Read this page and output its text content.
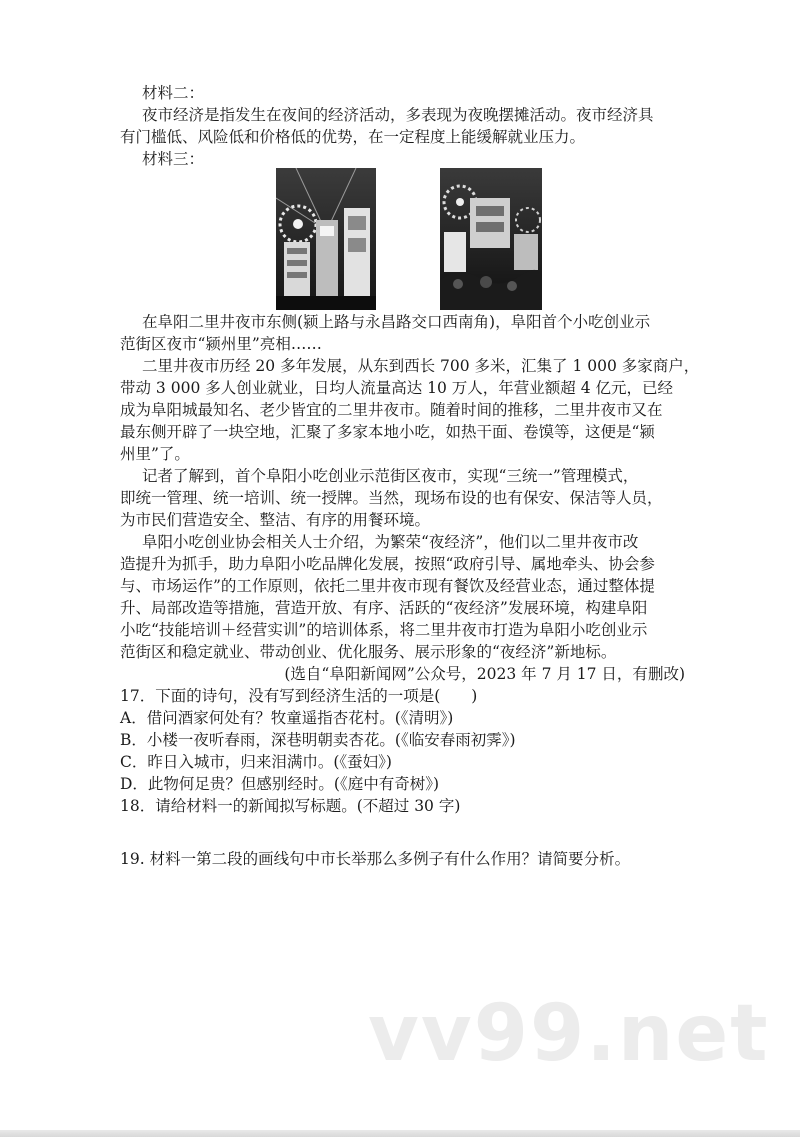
材料二：
夜市经济是指发生在夜间的经济活动，多表现为夜晚摆摊活动。夜市经济具
有门槛低、风险低和价格低的优势，在一定程度上能缓解就业压力。
材料三：
在阜阳二里井夜市东侧(颍上路与永昌路交口西南角)，阜阳首个小吃创业示
范街区夜市“颍州里”亮相……
二里井夜市历经 20 多年发展，从东到西长 700 多米，汇集了 1 000 多家商户，
带动 3 000 多人创业就业，日均人流量高达 10 万人，年营业额超 4 亿元，已经
成为阜阳城最知名、老少皆宜的二里井夜市。随着时间的推移，二里井夜市又在
最东侧开辟了一块空地，汇聚了多家本地小吃，如热干面、卷馍等，这便是“颍
州里”了。
记者了解到，首个阜阳小吃创业示范街区夜市，实现“三统一”管理模式，
即统一管理、统一培训、统一授牌。当然，现场布设的也有保安、保洁等人员，
为市民们营造安全、整洁、有序的用餐环境。
阜阳小吃创业协会相关人士介绍，为繁荣“夜经济”，他们以二里井夜市改
造提升为抓手，助力阜阳小吃品牌化发展，按照“政府引导、属地牵头、协会参
与、市场运作”的工作原则，依托二里井夜市现有餐饮及经营业态，通过整体提
升、局部改造等措施，营造开放、有序、活跃的“夜经济”发展环境，构建阜阳
小吃“技能培训＋经营实训”的培训体系，将二里井夜市打造为阜阳小吃创业示
范街区和稳定就业、带动创业、优化服务、展示形象的“夜经济”新地标。
(选自“阜阳新闻网”公众号，2023 年 7 月 17 日，有删改)
17．下面的诗句，没有写到经济生活的一项是(　　)
A．借问酒家何处有？牧童遥指杏花村。(《清明》)
B．小楼一夜听春雨，深巷明朝卖杏花。(《临安春雨初霁》)
C．昨日入城市，归来泪满巾。(《蚕妇》)
D．此物何足贵？但感别经时。(《庭中有奇树》)
18．请给材料一的新闻拟写标题。(不超过 30 字)
19. 材料一第二段的画线句中市长举那么多例子有什么作用？请简要分析。
vv99.net
